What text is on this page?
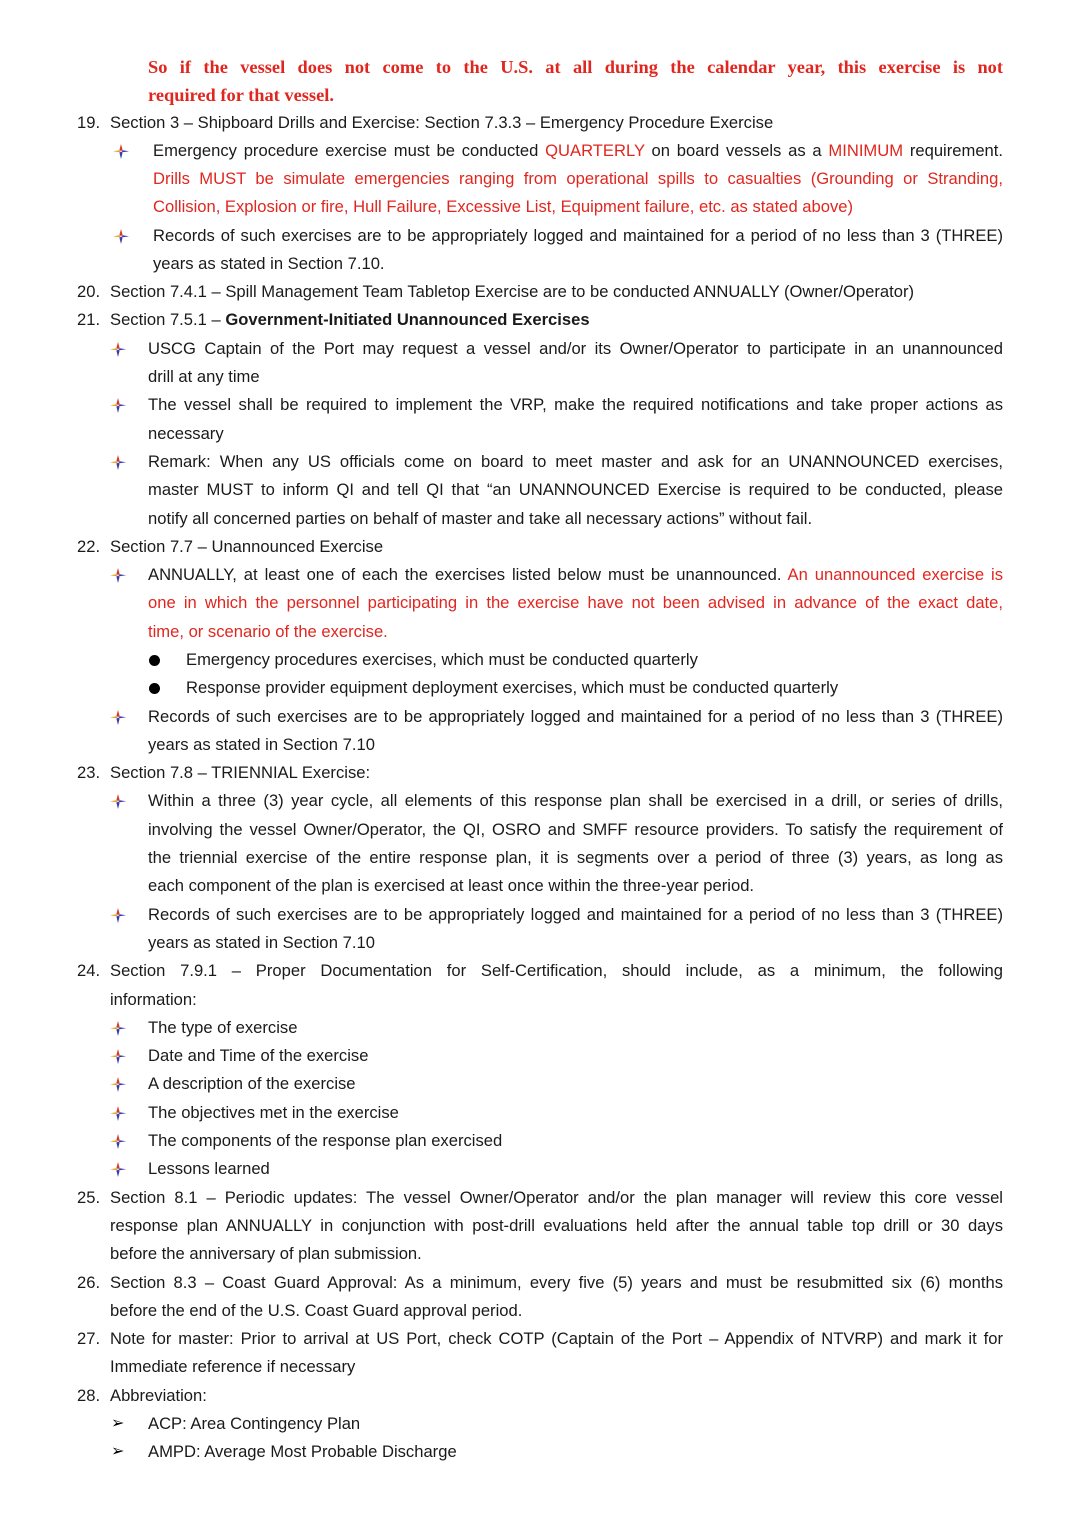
So if the vessel does not come to the U.S. at all during the calendar year, this exercise is not
required for that vessel.
19. Section 3 – Shipboard Drills and Exercise: Section 7.3.3 – Emergency Procedure Exercise
Emergency procedure exercise must be conducted QUARTERLY on board vessels as a MINIMUM requirement.
Drills MUST be simulate emergencies ranging from operational spills to casualties (Grounding or Stranding,
Collision, Explosion or fire, Hull Failure, Excessive List, Equipment failure, etc. as stated above)
Records of such exercises are to be appropriately logged and maintained for a period of no less than 3 (THREE)
years as stated in Section 7.10.
20. Section 7.4.1 – Spill Management Team Tabletop Exercise are to be conducted ANNUALLY (Owner/Operator)
21. Section 7.5.1 – Government-Initiated Unannounced Exercises
USCG Captain of the Port may request a vessel and/or its Owner/Operator to participate in an unannounced
drill at any time
The vessel shall be required to implement the VRP, make the required notifications and take proper actions as
necessary
Remark: When any US officials come on board to meet master and ask for an UNANNOUNCED exercises,
master MUST to inform QI and tell QI that “an UNANNOUNCED Exercise is required to be conducted, please
notify all concerned parties on behalf of master and take all necessary actions” without fail.
22. Section 7.7 – Unannounced Exercise
ANNUALLY, at least one of each the exercises listed below must be unannounced. An unannounced exercise is
one in which the personnel participating in the exercise have not been advised in advance of the exact date,
time, or scenario of the exercise.
Emergency procedures exercises, which must be conducted quarterly
Response provider equipment deployment exercises, which must be conducted quarterly
Records of such exercises are to be appropriately logged and maintained for a period of no less than 3 (THREE)
years as stated in Section 7.10
23. Section 7.8 – TRIENNIAL Exercise:
Within a three (3) year cycle, all elements of this response plan shall be exercised in a drill, or series of drills,
involving the vessel Owner/Operator, the QI, OSRO and SMFF resource providers. To satisfy the requirement of
the triennial exercise of the entire response plan, it is segments over a period of three (3) years, as long as
each component of the plan is exercised at least once within the three-year period.
Records of such exercises are to be appropriately logged and maintained for a period of no less than 3 (THREE)
years as stated in Section 7.10
24. Section 7.9.1 – Proper Documentation for Self-Certification, should include, as a minimum, the following
information:
The type of exercise
Date and Time of the exercise
A description of the exercise
The objectives met in the exercise
The components of the response plan exercised
Lessons learned
25. Section 8.1 – Periodic updates: The vessel Owner/Operator and/or the plan manager will review this core vessel
response plan ANNUALLY in conjunction with post-drill evaluations held after the annual table top drill or 30 days
before the anniversary of plan submission.
26. Section 8.3 – Coast Guard Approval: As a minimum, every five (5) years and must be resubmitted six (6) months
before the end of the U.S. Coast Guard approval period.
27. Note for master: Prior to arrival at US Port, check COTP (Captain of the Port – Appendix of NTVRP) and mark it for
Immediate reference if necessary
28. Abbreviation:
➢ ACP: Area Contingency Plan
➢ AMPD: Average Most Probable Discharge
